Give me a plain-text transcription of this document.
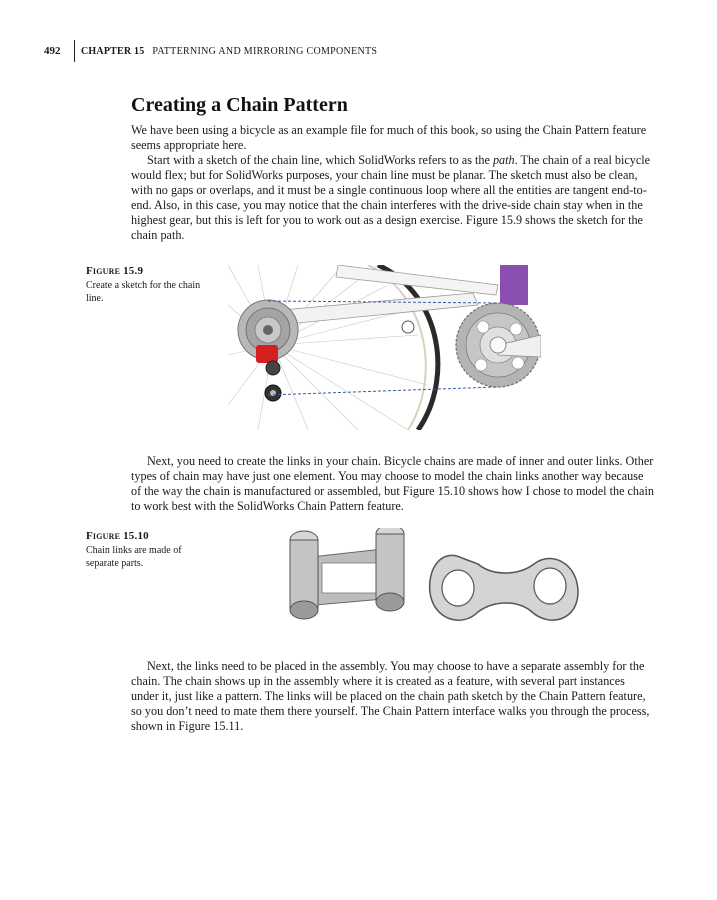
492	CHAPTER 15 PATTERNING AND MIRRORING COMPONENTS
Creating a Chain Pattern

We have been using a bicycle as an example file for much of this book, so using the Chain Pattern feature seems appropriate here.

Start with a sketch of the chain line, which SolidWorks refers to as the path. The chain of a real bicycle would flex; but for SolidWorks purposes, your chain line must be planar. The sketch must also be clean, with no gaps or overlaps, and it must be a single continuous loop where all the entities are tangent end-to-end. Also, in this case, you may notice that the chain interferes with the drive-side chain stay when in the highest gear, but this is left for you to work out as a design exercise. Figure 15.9 shows the sketch for the chain path.

Figure 15.9
Create a sketch for the chain line.

Next, you need to create the links in your chain. Bicycle chains are made of inner and outer links. Other types of chain may have just one element. You may choose to model the chain links another way because of the way the chain is manufactured or assembled, but Figure 15.10 shows how I chose to model the chain to work best with the SolidWorks Chain Pattern feature.

Figure 15.10
Chain links are made of separate parts.

Next, the links need to be placed in the assembly. You may choose to have a separate assembly for the chain. The chain shows up in the assembly where it is created as a feature, with several part instances under it, just like a pattern. The links will be placed on the chain path sketch by the Chain Pattern feature, so you don’t need to mate them there yourself. The Chain Pattern interface walks you through the process, shown in Figure 15.11.
